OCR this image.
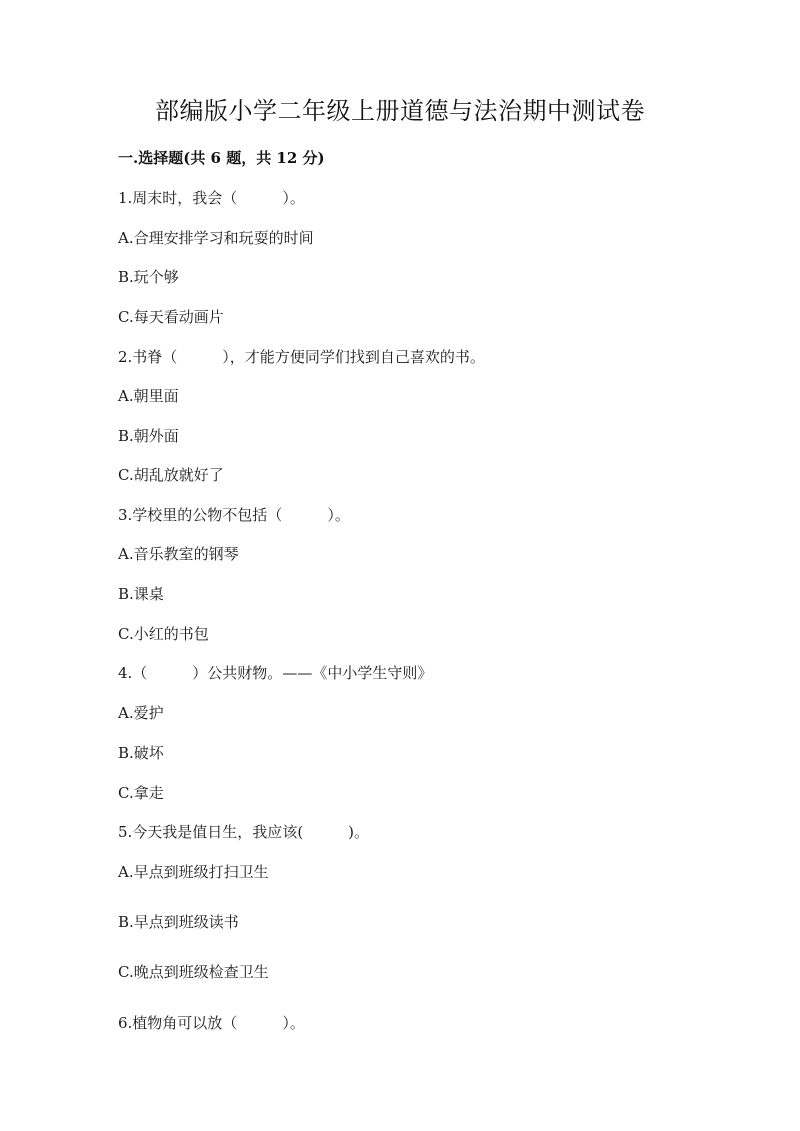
部编版小学二年级上册道德与法治期中测试卷
一.选择题(共 6 题，共 12 分)
1.周末时，我会（　　　）。
A.合理安排学习和玩耍的时间
B.玩个够
C.每天看动画片
2.书脊（　　　），才能方便同学们找到自己喜欢的书。
A.朝里面
B.朝外面
C.胡乱放就好了
3.学校里的公物不包括（　　　）。
A.音乐教室的钢琴
B.课桌
C.小红的书包
4.（　　　）公共财物。——《中小学生守则》
A.爱护
B.破坏
C.拿走
5.今天我是值日生，我应该(　　　)。
A.早点到班级打扫卫生
B.早点到班级读书
C.晚点到班级检查卫生
6.植物角可以放（　　　）。
